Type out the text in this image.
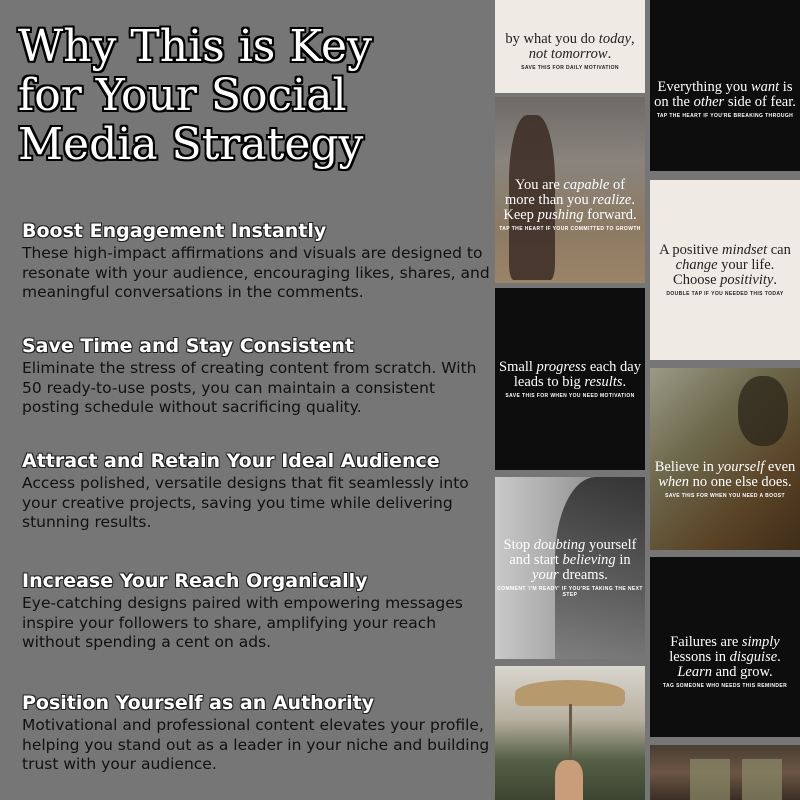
Why This is Key
for Your Social
Media Strategy
Boost Engagement Instantly

These high-impact affirmations and visuals are designed to resonate with your audience, encouraging likes, shares, and meaningful conversations in the comments.

Save Time and Stay Consistent

Eliminate the stress of creating content from scratch. With 50 ready-to-use posts, you can maintain a consistent posting schedule without sacrificing quality.

Attract and Retain Your Ideal Audience

Access polished, versatile designs that fit seamlessly into your creative projects, saving you time while delivering stunning results.

Increase Your Reach Organically

Eye-catching designs paired with empowering messages inspire your followers to share, amplifying your reach without spending a cent on ads.

Position Yourself as an Authority

Motivational and professional content elevates your profile, helping you stand out as a leader in your niche and building trust with your audience.

by what you do today,
not tomorrow.
SAVE THIS FOR DAILY MOTIVATION
You are capable of
more than you realize.
Keep pushing forward.
TAP THE HEART IF YOUR COMMITTED TO GROWTH
Small progress each day
leads to big results.
SAVE THIS FOR WHEN YOU NEED MOTIVATION
Stop doubting yourself
and start believing in
your dreams.
COMMENT 'I'M READY' IF YOU'RE TAKING THE NEXT STEP
Everything you want is
on the other side of fear.
TAP THE HEART IF YOU'RE BREAKING THROUGH
A positive mindset can
change your life.
Choose positivity.
DOUBLE TAP IF YOU NEEDED THIS TODAY
Believe in yourself even
when no one else does.
SAVE THIS FOR WHEN YOU NEED A BOOST
Failures are simply
lessons in disguise.
Learn and grow.
TAG SOMEONE WHO NEEDS THIS REMINDER
